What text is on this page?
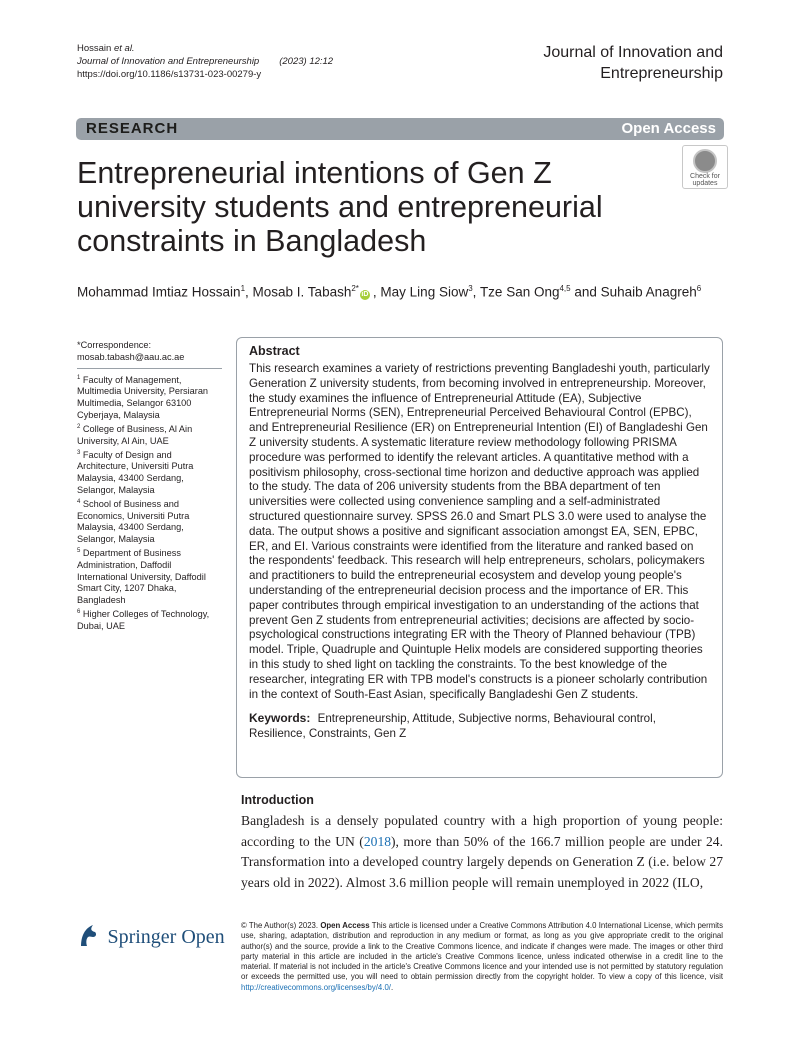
Hossain et al.
Journal of Innovation and Entrepreneurship (2023) 12:12
https://doi.org/10.1186/s13731-023-00279-y
Journal of Innovation and
Entrepreneurship
RESEARCH	Open Access
Entrepreneurial intentions of Gen Z university students and entrepreneurial constraints in Bangladesh
Check for
updates
Mohammad Imtiaz Hossain$^1$, Mosab I. Tabash$^{2*}$iD , May Ling Siow$^3$, Tze San Ong$^{4,5}$ and Suhaib Anagreh$^6$
*Correspondence:
mosab.tabash@aau.ac.ae
$^1$ Faculty of Management, Multimedia University, Persiaran Multimedia, Selangor 63100 Cyberjaya, Malaysia
$^2$ College of Business, Al Ain University, Al Ain, UAE
$^3$ Faculty of Design and Architecture, Universiti Putra Malaysia, 43400 Serdang, Selangor, Malaysia
$^4$ School of Business and Economics, Universiti Putra Malaysia, 43400 Serdang, Selangor, Malaysia
$^5$ Department of Business Administration, Daffodil International University, Daffodil Smart City, 1207 Dhaka, Bangladesh
$^6$ Higher Colleges of Technology, Dubai, UAE
Abstract
This research examines a variety of restrictions preventing Bangladeshi youth, particularly Generation Z university students, from becoming involved in entrepreneurship. Moreover, the study examines the influence of Entrepreneurial Attitude (EA), Subjective Entrepreneurial Norms (SEN), Entrepreneurial Perceived Behavioural Control (EPBC), and Entrepreneurial Resilience (ER) on Entrepreneurial Intention (EI) of Bangladeshi Gen Z university students. A systematic literature review methodology following PRISMA procedure was performed to identify the relevant articles. A quantitative method with a positivism philosophy, cross-sectional time horizon and deductive approach was applied to the study. The data of 206 university students from the BBA department of ten universities were collected using convenience sampling and a self-administrated structured questionnaire survey. SPSS 26.0 and Smart PLS 3.0 were used to analyse the data. The output shows a positive and significant association amongst EA, SEN, EPBC, ER, and EI. Various constraints were identified from the literature and ranked based on the respondents' feedback. This research will help entrepreneurs, scholars, policymakers and practitioners to build the entrepreneurial ecosystem and develop young people's understanding of the entrepreneurial decision process and the importance of ER. This paper contributes through empirical investigation to an understanding of the actions that prevent Gen Z students from entrepreneurial activities; decisions are affected by socio-psychological constructions integrating ER with the Theory of Planned behaviour (TPB) model. Triple, Quadruple and Quintuple Helix models are considered supporting theories in this study to shed light on tackling the constraints. To the best knowledge of the researcher, integrating ER with TPB model's constructs is a pioneer scholarly contribution in the context of South-East Asian, specifically Bangladeshi Gen Z students.
Keywords: Entrepreneurship, Attitude, Subjective norms, Behavioural control, Resilience, Constraints, Gen Z
Introduction
Bangladesh is a densely populated country with a high proportion of young people: according to the UN (2018), more than 50% of the 166.7 million people are under 24. Transformation into a developed country largely depends on Generation Z (i.e. below 27 years old in 2022). Almost 3.6 million people will remain unemployed in 2022 (ILO,
Springer Open
© The Author(s) 2023. Open Access This article is licensed under a Creative Commons Attribution 4.0 International License, which permits use, sharing, adaptation, distribution and reproduction in any medium or format, as long as you give appropriate credit to the original author(s) and the source, provide a link to the Creative Commons licence, and indicate if changes were made. The images or other third party material in this article are included in the article's Creative Commons licence, unless indicated otherwise in a credit line to the material. If material is not included in the article's Creative Commons licence and your intended use is not permitted by statutory regulation or exceeds the permitted use, you will need to obtain permission directly from the copyright holder. To view a copy of this licence, visit http://creativecommons.org/licenses/by/4.0/.
